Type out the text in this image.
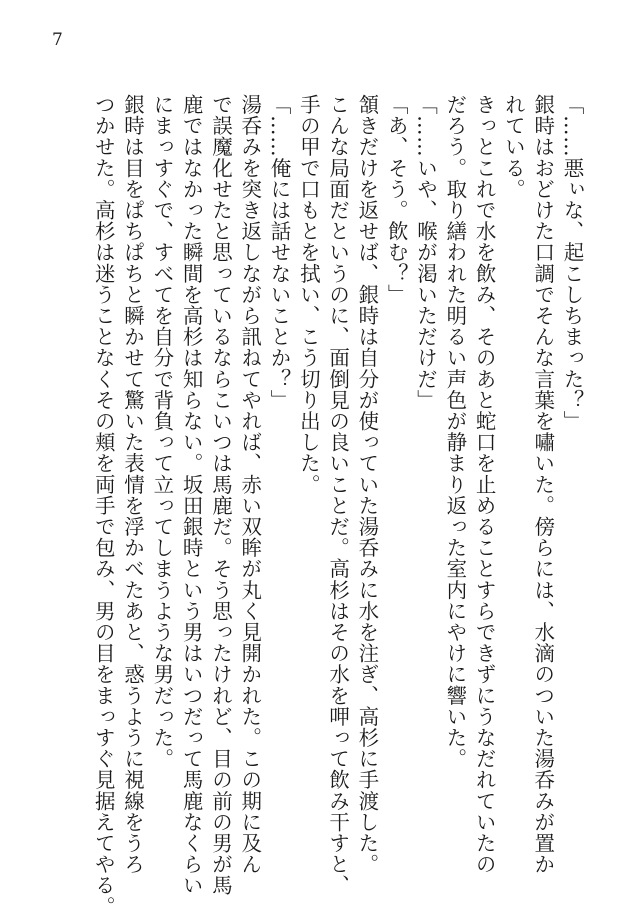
7
「……悪ぃな、起こしちまった？」
銀時はおどけた口調でそんな言葉を嘯いた。傍らには、水滴のついた湯呑みが置か
れている。
きっとこれで水を飲み、そのあと蛇口を止めることすらできずにうなだれていたの
だろう。取り繕われた明るい声色が静まり返った室内にやけに響いた。
「……いや、喉が渇いただけだ」
「あ、そう。飲む？」
頷きだけを返せば、銀時は自分が使っていた湯呑みに水を注ぎ、高杉に手渡した。
こんな局面だというのに、面倒見の良いことだ。高杉はその水を呷って飲み干すと、
手の甲で口もとを拭い、こう切り出した。
「……俺には話せないことか？」
湯呑みを突き返しながら訊ねてやれば、赤い双眸が丸く見開かれた。この期に及ん
で誤魔化せたと思っているならこいつは馬鹿だ。そう思ったけれど、目の前の男が馬
鹿ではなかった瞬間を高杉は知らない。坂田銀時という男はいつだって馬鹿なくらい
にまっすぐで、すべてを自分で背負って立ってしまうような男だった。
銀時は目をぱちぱちと瞬かせて驚いた表情を浮かべたあと、惑うように視線をうろ
つかせた。高杉は迷うことなくその頬を両手で包み、男の目をまっすぐ見据えてやる。
